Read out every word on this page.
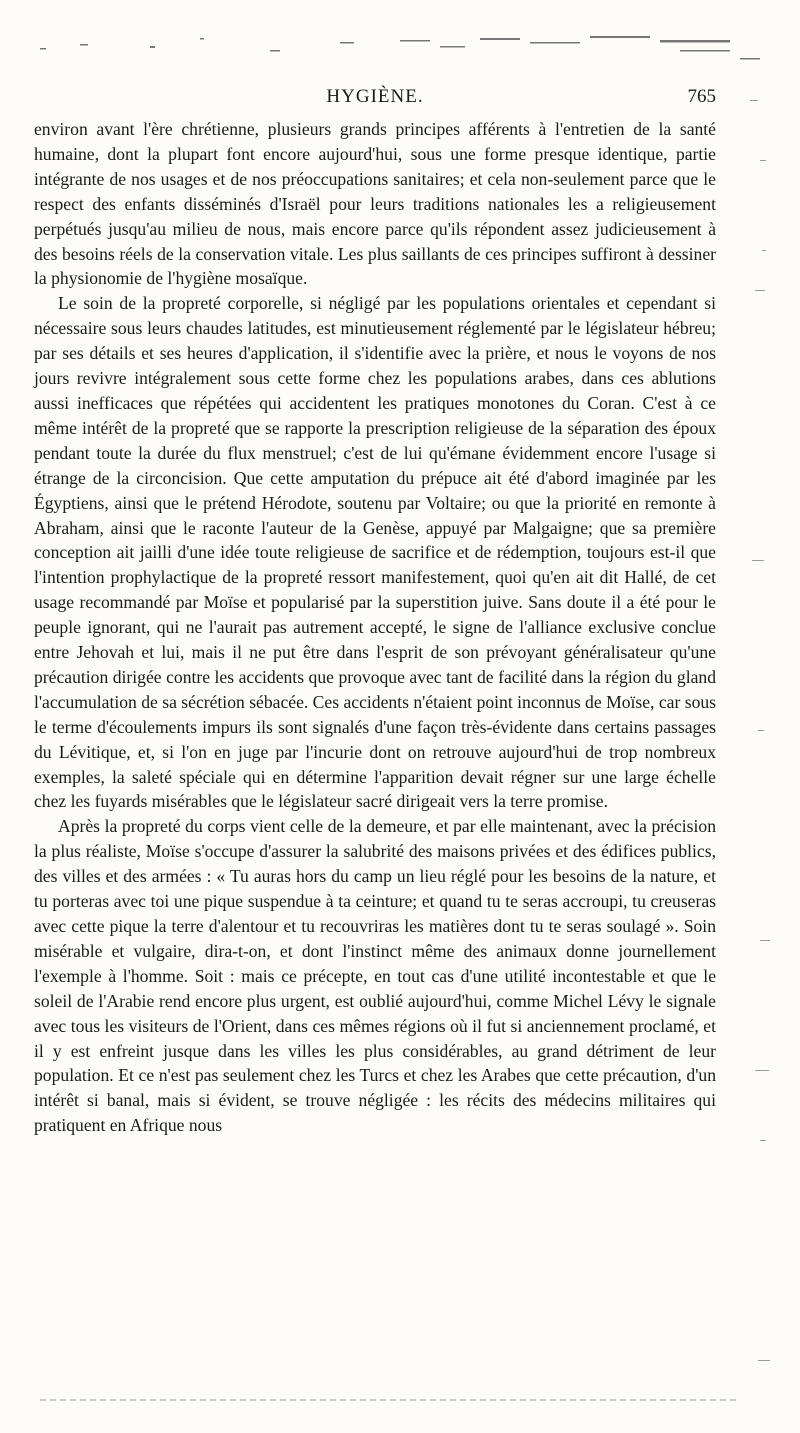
HYGIÈNE.	765

environ avant l'ère chrétienne, plusieurs grands principes afférents à l'entretien de la santé humaine, dont la plupart font encore aujourd'hui, sous une forme presque identique, partie intégrante de nos usages et de nos préoccupations sanitaires; et cela non-seulement parce que le respect des enfants disséminés d'Israël pour leurs traditions nationales les a religieusement perpétués jusqu'au milieu de nous, mais encore parce qu'ils répondent assez judicieusement à des besoins réels de la conservation vitale. Les plus saillants de ces principes suffiront à dessiner la physionomie de l'hygiène mosaïque.

Le soin de la propreté corporelle, si négligé par les populations orientales et cependant si nécessaire sous leurs chaudes latitudes, est minutieusement réglementé par le législateur hébreu; par ses détails et ses heures d'application, il s'identifie avec la prière, et nous le voyons de nos jours revivre intégralement sous cette forme chez les populations arabes, dans ces ablutions aussi inefficaces que répétées qui accidentent les pratiques monotones du Coran. C'est à ce même intérêt de la propreté que se rapporte la prescription religieuse de la séparation des époux pendant toute la durée du flux menstruel; c'est de lui qu'émane évidemment encore l'usage si étrange de la circoncision. Que cette amputation du prépuce ait été d'abord imaginée par les Égyptiens, ainsi que le prétend Hérodote, soutenu par Voltaire; ou que la priorité en remonte à Abraham, ainsi que le raconte l'auteur de la Genèse, appuyé par Malgaigne; que sa première conception ait jailli d'une idée toute religieuse de sacrifice et de rédemption, toujours est-il que l'intention prophylactique de la propreté ressort manifestement, quoi qu'en ait dit Hallé, de cet usage recommandé par Moïse et popularisé par la superstition juive. Sans doute il a été pour le peuple ignorant, qui ne l'aurait pas autrement accepté, le signe de l'alliance exclusive conclue entre Jehovah et lui, mais il ne put être dans l'esprit de son prévoyant généralisateur qu'une précaution dirigée contre les accidents que provoque avec tant de facilité dans la région du gland l'accumulation de sa sécrétion sébacée. Ces accidents n'étaient point inconnus de Moïse, car sous le terme d'écoulements impurs ils sont signalés d'une façon très-évidente dans certains passages du Lévitique, et, si l'on en juge par l'incurie dont on retrouve aujourd'hui de trop nombreux exemples, la saleté spéciale qui en détermine l'apparition devait régner sur une large échelle chez les fuyards misérables que le législateur sacré dirigeait vers la terre promise.

Après la propreté du corps vient celle de la demeure, et par elle maintenant, avec la précision la plus réaliste, Moïse s'occupe d'assurer la salubrité des maisons privées et des édifices publics, des villes et des armées : « Tu auras hors du camp un lieu réglé pour les besoins de la nature, et tu porteras avec toi une pique suspendue à ta ceinture; et quand tu te seras accroupi, tu creuseras avec cette pique la terre d'alentour et tu recouvriras les matières dont tu te seras soulagé ». Soin misérable et vulgaire, dira-t-on, et dont l'instinct même des animaux donne journellement l'exemple à l'homme. Soit : mais ce précepte, en tout cas d'une utilité incontestable et que le soleil de l'Arabie rend encore plus urgent, est oublié aujourd'hui, comme Michel Lévy le signale avec tous les visiteurs de l'Orient, dans ces mêmes régions où il fut si anciennement proclamé, et il y est enfreint jusque dans les villes les plus considérables, au grand détriment de leur population. Et ce n'est pas seulement chez les Turcs et chez les Arabes que cette précaution, d'un intérêt si banal, mais si évident, se trouve négligée : les récits des médecins militaires qui pratiquent en Afrique nous
